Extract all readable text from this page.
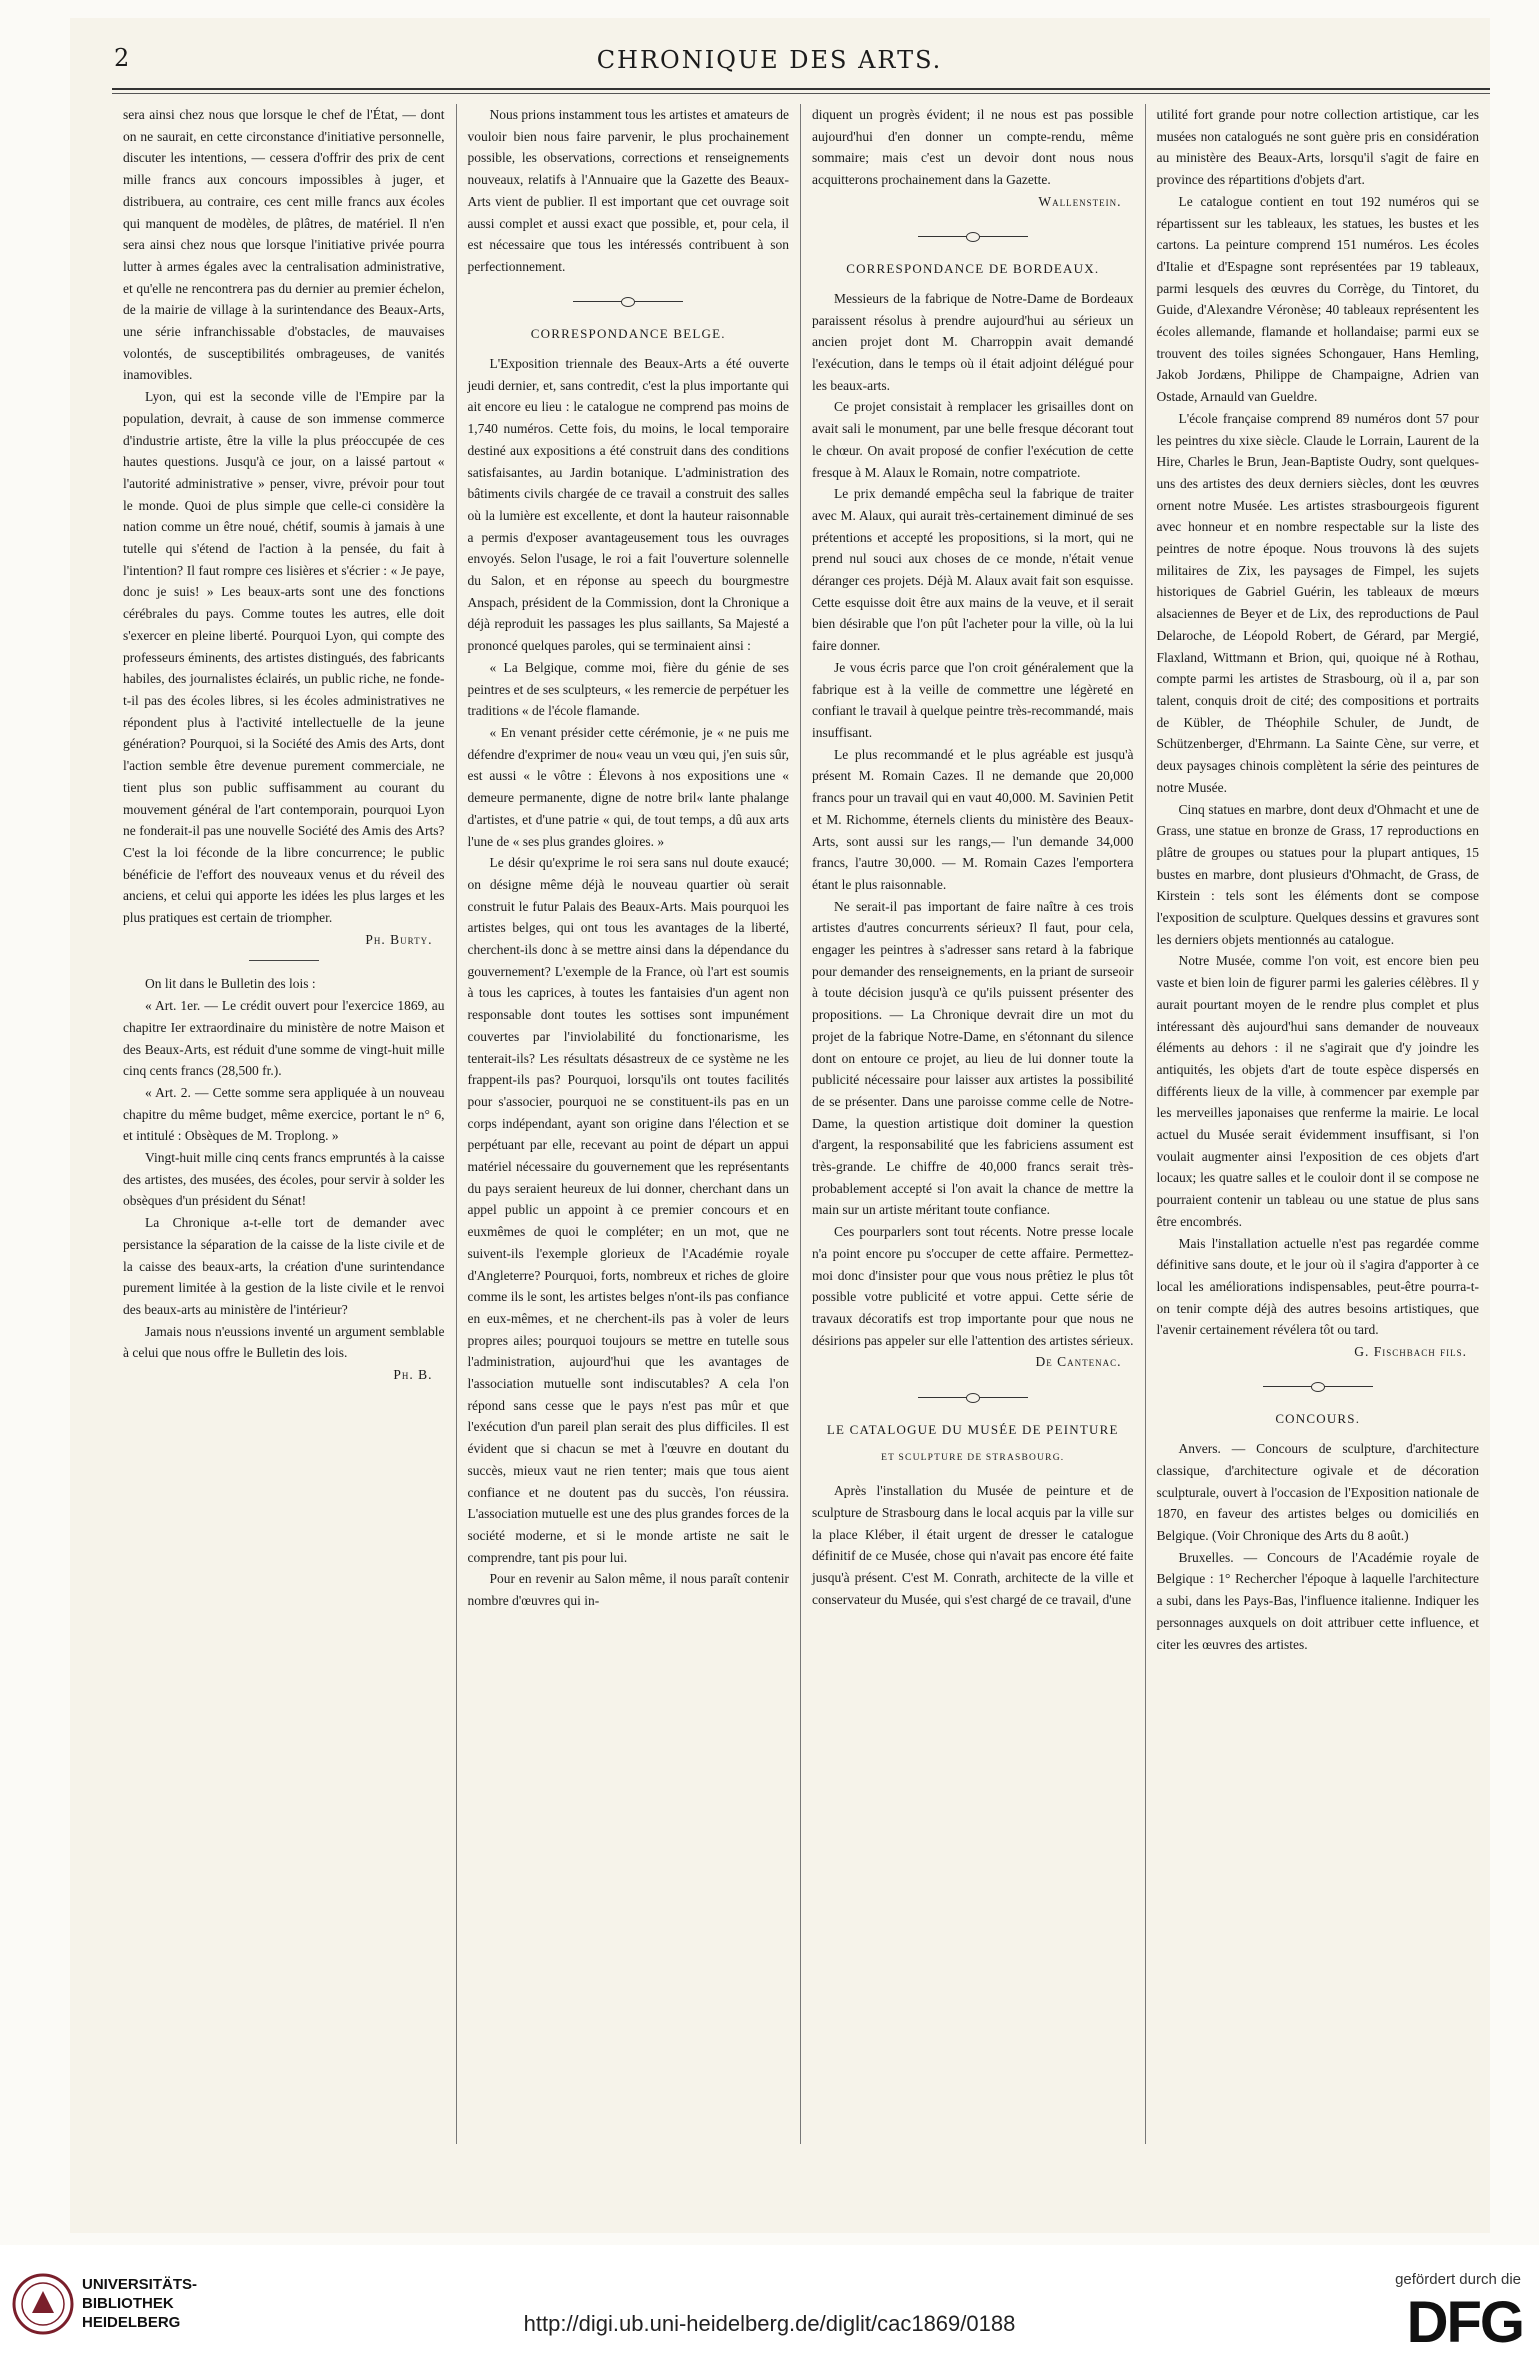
2	CHRONIQUE DES ARTS.

sera ainsi chez nous que lorsque le chef de l'État, — dont on ne saurait, en cette circonstance d'initiative personnelle, discuter les intentions, — cessera d'offrir des prix de cent mille francs aux concours impossibles à juger, et distribuera, au contraire, ces cent mille francs aux écoles qui manquent de modèles, de plâtres, de matériel. Il n'en sera ainsi chez nous que lorsque l'initiative privée pourra lutter à armes égales avec la centralisation administrative, et qu'elle ne rencontrera pas du dernier au premier échelon, de la mairie de village à la surintendance des Beaux-Arts, une série infranchissable d'obstacles, de mauvaises volontés, de susceptibilités ombrageuses, de vanités inamovibles.

Lyon, qui est la seconde ville de l'Empire par la population, devrait, à cause de son immense commerce d'industrie artiste, être la ville la plus préoccupée de ces hautes questions. Jusqu'à ce jour, on a laissé partout « l'autorité administrative » penser, vivre, prévoir pour tout le monde. Quoi de plus simple que celle-ci considère la nation comme un être noué, chétif, soumis à jamais à une tutelle qui s'étend de l'action à la pensée, du fait à l'intention? Il faut rompre ces lisières et s'écrier : « Je paye, donc je suis! » Les beaux-arts sont une des fonctions cérébrales du pays. Comme toutes les autres, elle doit s'exercer en pleine liberté. Pourquoi Lyon, qui compte des professeurs éminents, des artistes distingués, des fabricants habiles, des journalistes éclairés, un public riche, ne fonde-t-il pas des écoles libres, si les écoles administratives ne répondent plus à l'activité intellectuelle de la jeune génération? Pourquoi, si la Société des Amis des Arts, dont l'action semble être devenue purement commerciale, ne tient plus son public suffisamment au courant du mouvement général de l'art contemporain, pourquoi Lyon ne fonderait-il pas une nouvelle Société des Amis des Arts? C'est la loi féconde de la libre concurrence; le public bénéficie de l'effort des nouveaux venus et du réveil des anciens, et celui qui apporte les idées les plus larges et les plus pratiques est certain de triompher.

Ph. Burty.

On lit dans le Bulletin des lois :

« Art. 1er. — Le crédit ouvert pour l'exercice 1869, au chapitre Ier extraordinaire du ministère de notre Maison et des Beaux-Arts, est réduit d'une somme de vingt-huit mille cinq cents francs (28,500 fr.).

« Art. 2. — Cette somme sera appliquée à un nouveau chapitre du même budget, même exercice, portant le n° 6, et intitulé : Obsèques de M. Troplong. »

Vingt-huit mille cinq cents francs empruntés à la caisse des artistes, des musées, des écoles, pour servir à solder les obsèques d'un président du Sénat!

La Chronique a-t-elle tort de demander avec persistance la séparation de la caisse de la liste civile et de la caisse des beaux-arts, la création d'une surintendance purement limitée à la gestion de la liste civile et le renvoi des beaux-arts au ministère de l'intérieur?

Jamais nous n'eussions inventé un argument semblable à celui que nous offre le Bulletin des lois.

Ph. B.

Nous prions instamment tous les artistes et amateurs de vouloir bien nous faire parvenir, le plus prochainement possible, les observations, corrections et renseignements nouveaux, relatifs à l'Annuaire que la Gazette des Beaux-Arts vient de publier. Il est important que cet ouvrage soit aussi complet et aussi exact que possible, et, pour cela, il est nécessaire que tous les intéressés contribuent à son perfectionnement.

CORRESPONDANCE BELGE.

L'Exposition triennale des Beaux-Arts a été ouverte jeudi dernier, et, sans contredit, c'est la plus importante qui ait encore eu lieu : le catalogue ne comprend pas moins de 1,740 numéros. Cette fois, du moins, le local temporaire destiné aux expositions a été construit dans des conditions satisfaisantes, au Jardin botanique. L'administration des bâtiments civils chargée de ce travail a construit des salles où la lumière est excellente, et dont la hauteur raisonnable a permis d'exposer avantageusement tous les ouvrages envoyés. Selon l'usage, le roi a fait l'ouverture solennelle du Salon, et en réponse au speech du bourgmestre Anspach, président de la Commission, dont la Chronique a déjà reproduit les passages les plus saillants, Sa Majesté a prononcé quelques paroles, qui se terminaient ainsi :

« La Belgique, comme moi, fière du génie de ses peintres et de ses sculpteurs, « les remercie de perpétuer les traditions « de l'école flamande.

« En venant présider cette cérémonie, je « ne puis me défendre d'exprimer de nou« veau un vœu qui, j'en suis sûr, est aussi « le vôtre : Élevons à nos expositions une « demeure permanente, digne de notre bril« lante phalange d'artistes, et d'une patrie « qui, de tout temps, a dû aux arts l'une de « ses plus grandes gloires. »

Le désir qu'exprime le roi sera sans nul doute exaucé; on désigne même déjà le nouveau quartier où serait construit le futur Palais des Beaux-Arts. Mais pourquoi les artistes belges, qui ont tous les avantages de la liberté, cherchent-ils donc à se mettre ainsi dans la dépendance du gouvernement? L'exemple de la France, où l'art est soumis à tous les caprices, à toutes les fantaisies d'un agent non responsable dont toutes les sottises sont impunément couvertes par l'inviolabilité du fonctionarisme, les tenterait-ils? Les résultats désastreux de ce système ne les frappent-ils pas? Pourquoi, lorsqu'ils ont toutes facilités pour s'associer, pourquoi ne se constituent-ils pas en un corps indépendant, ayant son origine dans l'élection et se perpétuant par elle, recevant au point de départ un appui matériel nécessaire du gouvernement que les représentants du pays seraient heureux de lui donner, cherchant dans un appel public un appoint à ce premier concours et en euxmêmes de quoi le compléter; en un mot, que ne suivent-ils l'exemple glorieux de l'Académie royale d'Angleterre? Pourquoi, forts, nombreux et riches de gloire comme ils le sont, les artistes belges n'ont-ils pas confiance en eux-mêmes, et ne cherchent-ils pas à voler de leurs propres ailes; pourquoi toujours se mettre en tutelle sous l'administration, aujourd'hui que les avantages de l'association mutuelle sont indiscutables? A cela l'on répond sans cesse que le pays n'est pas mûr et que l'exécution d'un pareil plan serait des plus difficiles. Il est évident que si chacun se met à l'œuvre en doutant du succès, mieux vaut ne rien tenter; mais que tous aient confiance et ne doutent pas du succès, l'on réussira. L'association mutuelle est une des plus grandes forces de la société moderne, et si le monde artiste ne sait le comprendre, tant pis pour lui.

Pour en revenir au Salon même, il nous paraît contenir nombre d'œuvres qui in-

diquent un progrès évident; il ne nous est pas possible aujourd'hui d'en donner un compte-rendu, même sommaire; mais c'est un devoir dont nous nous acquitterons prochainement dans la Gazette.

Wallenstein.

CORRESPONDANCE DE BORDEAUX.

Messieurs de la fabrique de Notre-Dame de Bordeaux paraissent résolus à prendre aujourd'hui au sérieux un ancien projet dont M. Charroppin avait demandé l'exécution, dans le temps où il était adjoint délégué pour les beaux-arts.

Ce projet consistait à remplacer les grisailles dont on avait sali le monument, par une belle fresque décorant tout le chœur. On avait proposé de confier l'exécution de cette fresque à M. Alaux le Romain, notre compatriote.

Le prix demandé empêcha seul la fabrique de traiter avec M. Alaux, qui aurait très-certainement diminué de ses prétentions et accepté les propositions, si la mort, qui ne prend nul souci aux choses de ce monde, n'était venue déranger ces projets. Déjà M. Alaux avait fait son esquisse. Cette esquisse doit être aux mains de la veuve, et il serait bien désirable que l'on pût l'acheter pour la ville, où la lui faire donner.

Je vous écris parce que l'on croit généralement que la fabrique est à la veille de commettre une légèreté en confiant le travail à quelque peintre très-recommandé, mais insuffisant.

Le plus recommandé et le plus agréable est jusqu'à présent M. Romain Cazes. Il ne demande que 20,000 francs pour un travail qui en vaut 40,000. M. Savinien Petit et M. Richomme, éternels clients du ministère des Beaux-Arts, sont aussi sur les rangs,— l'un demande 34,000 francs, l'autre 30,000. — M. Romain Cazes l'emportera étant le plus raisonnable.

Ne serait-il pas important de faire naître à ces trois artistes d'autres concurrents sérieux? Il faut, pour cela, engager les peintres à s'adresser sans retard à la fabrique pour demander des renseignements, en la priant de surseoir à toute décision jusqu'à ce qu'ils puissent présenter des propositions. — La Chronique devrait dire un mot du projet de la fabrique Notre-Dame, en s'étonnant du silence dont on entoure ce projet, au lieu de lui donner toute la publicité nécessaire pour laisser aux artistes la possibilité de se présenter. Dans une paroisse comme celle de Notre-Dame, la question artistique doit dominer la question d'argent, la responsabilité que les fabriciens assument est très-grande. Le chiffre de 40,000 francs serait très-probablement accepté si l'on avait la chance de mettre la main sur un artiste méritant toute confiance.

Ces pourparlers sont tout récents. Notre presse locale n'a point encore pu s'occuper de cette affaire. Permettez-moi donc d'insister pour que vous nous prêtiez le plus tôt possible votre publicité et votre appui. Cette série de travaux décoratifs est trop importante pour que nous ne désirions pas appeler sur elle l'attention des artistes sérieux.

De Cantenac.

LE CATALOGUE DU MUSÉE DE PEINTURE

ET SCULPTURE DE STRASBOURG.

Après l'installation du Musée de peinture et de sculpture de Strasbourg dans le local acquis par la ville sur la place Kléber, il était urgent de dresser le catalogue définitif de ce Musée, chose qui n'avait pas encore été faite jusqu'à présent. C'est M. Conrath, architecte de la ville et conservateur du Musée, qui s'est chargé de ce travail, d'une

utilité fort grande pour notre collection artistique, car les musées non catalogués ne sont guère pris en considération au ministère des Beaux-Arts, lorsqu'il s'agit de faire en province des répartitions d'objets d'art.

Le catalogue contient en tout 192 numéros qui se répartissent sur les tableaux, les statues, les bustes et les cartons. La peinture comprend 151 numéros. Les écoles d'Italie et d'Espagne sont représentées par 19 tableaux, parmi lesquels des œuvres du Corrège, du Tintoret, du Guide, d'Alexandre Véronèse; 40 tableaux représentent les écoles allemande, flamande et hollandaise; parmi eux se trouvent des toiles signées Schongauer, Hans Hemling, Jakob Jordæns, Philippe de Champaigne, Adrien van Ostade, Arnauld van Gueldre.

L'école française comprend 89 numéros dont 57 pour les peintres du xixe siècle. Claude le Lorrain, Laurent de la Hire, Charles le Brun, Jean-Baptiste Oudry, sont quelques-uns des artistes des deux derniers siècles, dont les œuvres ornent notre Musée. Les artistes strasbourgeois figurent avec honneur et en nombre respectable sur la liste des peintres de notre époque. Nous trouvons là des sujets militaires de Zix, les paysages de Fimpel, les sujets historiques de Gabriel Guérin, les tableaux de mœurs alsaciennes de Beyer et de Lix, des reproductions de Paul Delaroche, de Léopold Robert, de Gérard, par Mergié, Flaxland, Wittmann et Brion, qui, quoique né à Rothau, compte parmi les artistes de Strasbourg, où il a, par son talent, conquis droit de cité; des compositions et portraits de Kübler, de Théophile Schuler, de Jundt, de Schützenberger, d'Ehrmann. La Sainte Cène, sur verre, et deux paysages chinois complètent la série des peintures de notre Musée.

Cinq statues en marbre, dont deux d'Ohmacht et une de Grass, une statue en bronze de Grass, 17 reproductions en plâtre de groupes ou statues pour la plupart antiques, 15 bustes en marbre, dont plusieurs d'Ohmacht, de Grass, de Kirstein : tels sont les éléments dont se compose l'exposition de sculpture. Quelques dessins et gravures sont les derniers objets mentionnés au catalogue.

Notre Musée, comme l'on voit, est encore bien peu vaste et bien loin de figurer parmi les galeries célèbres. Il y aurait pourtant moyen de le rendre plus complet et plus intéressant dès aujourd'hui sans demander de nouveaux éléments au dehors : il ne s'agirait que d'y joindre les antiquités, les objets d'art de toute espèce dispersés en différents lieux de la ville, à commencer par exemple par les merveilles japonaises que renferme la mairie. Le local actuel du Musée serait évidemment insuffisant, si l'on voulait augmenter ainsi l'exposition de ces objets d'art locaux; les quatre salles et le couloir dont il se compose ne pourraient contenir un tableau ou une statue de plus sans être encombrés.

Mais l'installation actuelle n'est pas regardée comme définitive sans doute, et le jour où il s'agira d'apporter à ce local les améliorations indispensables, peut-être pourra-t-on tenir compte déjà des autres besoins artistiques, que l'avenir certainement révélera tôt ou tard.

G. Fischbach fils.

CONCOURS.

Anvers. — Concours de sculpture, d'architecture classique, d'architecture ogivale et de décoration sculpturale, ouvert à l'occasion de l'Exposition nationale de 1870, en faveur des artistes belges ou domiciliés en Belgique. (Voir Chronique des Arts du 8 août.)

Bruxelles. — Concours de l'Académie royale de Belgique : 1° Rechercher l'époque à laquelle l'architecture a subi, dans les Pays-Bas, l'influence italienne. Indiquer les personnages auxquels on doit attribuer cette influence, et citer les œuvres des artistes.

UNIVERSITÄTS-
BIBLIOTHEK
HEIDELBERG	http://digi.ub.uni-heidelberg.de/diglit/cac1869/0188
gefördert durch die
DFG
